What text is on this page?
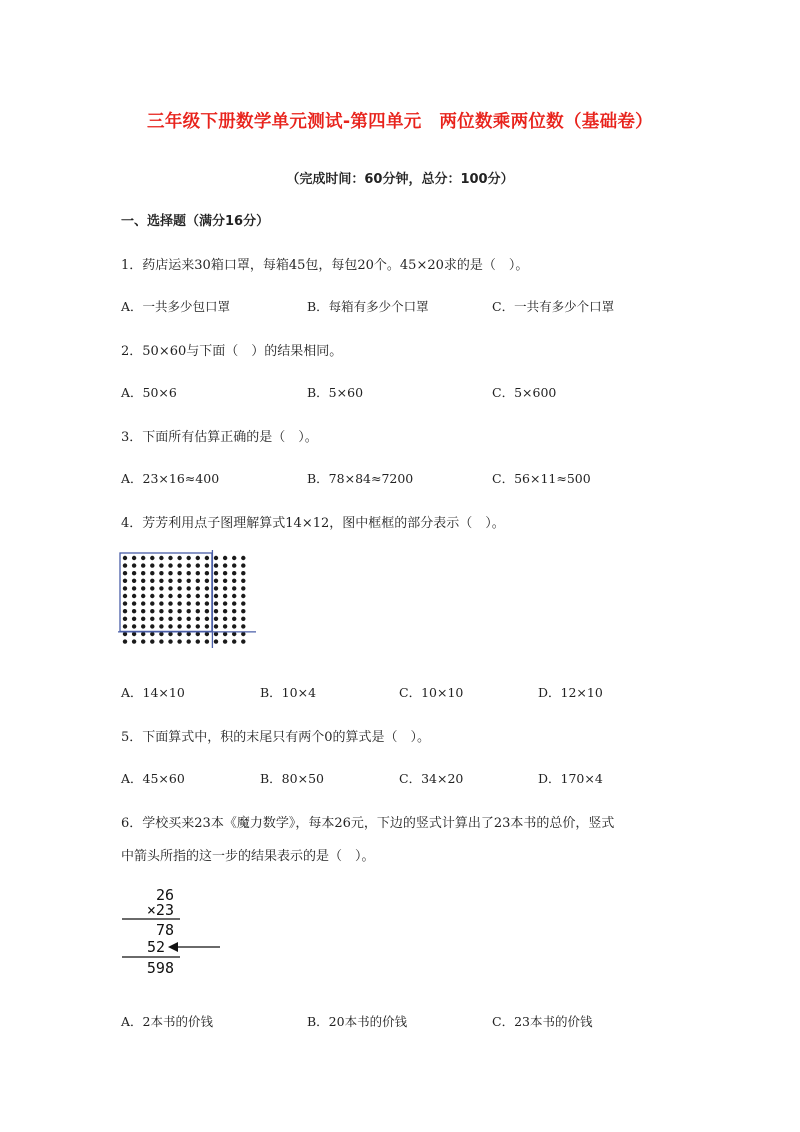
三年级下册数学单元测试-第四单元　两位数乘两位数（基础卷）
（完成时间：60分钟，总分：100分）
一、选择题（满分16分）
1．药店运来30箱口罩，每箱45包，每包20个。45×20求的是（　）。
A．一共多少包口罩	B．每箱有多少个口罩	C．一共有多少个口罩
2．50×60与下面（　）的结果相同。
A．50×6	B．5×60	C．5×600
3．下面所有估算正确的是（　）。
A．23×16≈400	B．78×84≈7200	C．56×11≈500
4．芳芳利用点子图理解算式14×12，图中框框的部分表示（　）。
A．14×10	B．10×4	C．10×10	D．12×10
5．下面算式中，积的末尾只有两个0的算式是（　）。
A．45×60	B．80×50	C．34×20	D．170×4
6．学校买来23本《魔力数学》，每本26元，下边的竖式计算出了23本书的总价，竖式
中箭头所指的这一步的结果表示的是（　）。
26
×23
78
52
598
A．2本书的价钱	B．20本书的价钱	C．23本书的价钱
